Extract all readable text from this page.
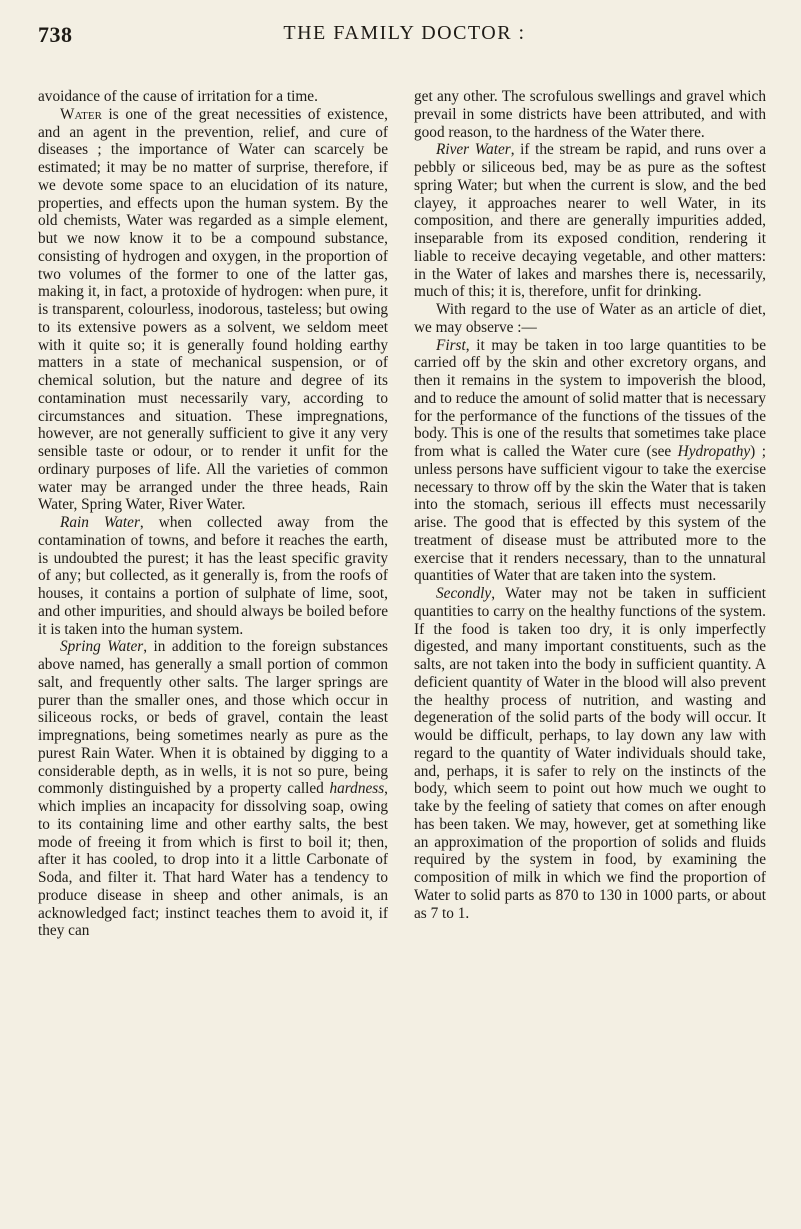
738	THE FAMILY DOCTOR :

avoidance of the cause of irritation for a time.

Water is one of the great necessities of existence, and an agent in the prevention, relief, and cure of diseases ; the importance of Water can scarcely be estimated; it may be no matter of surprise, therefore, if we devote some space to an elucidation of its nature, properties, and effects upon the human system. By the old chemists, Water was regarded as a simple element, but we now know it to be a compound substance, consisting of hydrogen and oxygen, in the proportion of two volumes of the former to one of the latter gas, making it, in fact, a protoxide of hydrogen: when pure, it is transparent, colourless, inodorous, tasteless; but owing to its extensive powers as a solvent, we seldom meet with it quite so; it is generally found holding earthy matters in a state of mechanical suspension, or of chemical solution, but the nature and degree of its contamination must necessarily vary, according to circumstances and situation. These impregnations, however, are not generally sufficient to give it any very sensible taste or odour, or to render it unfit for the ordinary purposes of life. All the varieties of common water may be arranged under the three heads, Rain Water, Spring Water, River Water.

Rain Water, when collected away from the contamination of towns, and before it reaches the earth, is undoubted the purest; it has the least specific gravity of any; but collected, as it generally is, from the roofs of houses, it contains a portion of sulphate of lime, soot, and other impurities, and should always be boiled before it is taken into the human system.

Spring Water, in addition to the foreign substances above named, has generally a small portion of common salt, and frequently other salts. The larger springs are purer than the smaller ones, and those which occur in siliceous rocks, or beds of gravel, contain the least impregnations, being sometimes nearly as pure as the purest Rain Water. When it is obtained by digging to a considerable depth, as in wells, it is not so pure, being commonly distinguished by a property called hardness, which implies an incapacity for dissolving soap, owing to its containing lime and other earthy salts, the best mode of freeing it from which is first to boil it; then, after it has cooled, to drop into it a little Carbonate of Soda, and filter it. That hard Water has a tendency to produce disease in sheep and other animals, is an acknowledged fact; instinct teaches them to avoid it, if they can

get any other. The scrofulous swellings and gravel which prevail in some districts have been attributed, and with good reason, to the hardness of the Water there.

River Water, if the stream be rapid, and runs over a pebbly or siliceous bed, may be as pure as the softest spring Water; but when the current is slow, and the bed clayey, it approaches nearer to well Water, in its composition, and there are generally impurities added, inseparable from its exposed condition, rendering it liable to receive decaying vegetable, and other matters: in the Water of lakes and marshes there is, necessarily, much of this; it is, therefore, unfit for drinking.

With regard to the use of Water as an article of diet, we may observe :—

First, it may be taken in too large quantities to be carried off by the skin and other excretory organs, and then it remains in the system to impoverish the blood, and to reduce the amount of solid matter that is necessary for the performance of the functions of the tissues of the body. This is one of the results that sometimes take place from what is called the Water cure (see Hydropathy) ; unless persons have sufficient vigour to take the exercise necessary to throw off by the skin the Water that is taken into the stomach, serious ill effects must necessarily arise. The good that is effected by this system of the treatment of disease must be attributed more to the exercise that it renders necessary, than to the unnatural quantities of Water that are taken into the system.

Secondly, Water may not be taken in sufficient quantities to carry on the healthy functions of the system. If the food is taken too dry, it is only imperfectly digested, and many important constituents, such as the salts, are not taken into the body in sufficient quantity. A deficient quantity of Water in the blood will also prevent the healthy process of nutrition, and wasting and degeneration of the solid parts of the body will occur. It would be difficult, perhaps, to lay down any law with regard to the quantity of Water individuals should take, and, perhaps, it is safer to rely on the instincts of the body, which seem to point out how much we ought to take by the feeling of satiety that comes on after enough has been taken. We may, however, get at something like an approximation of the proportion of solids and fluids required by the system in food, by examining the composition of milk in which we find the proportion of Water to solid parts as 870 to 130 in 1000 parts, or about as 7 to 1.
